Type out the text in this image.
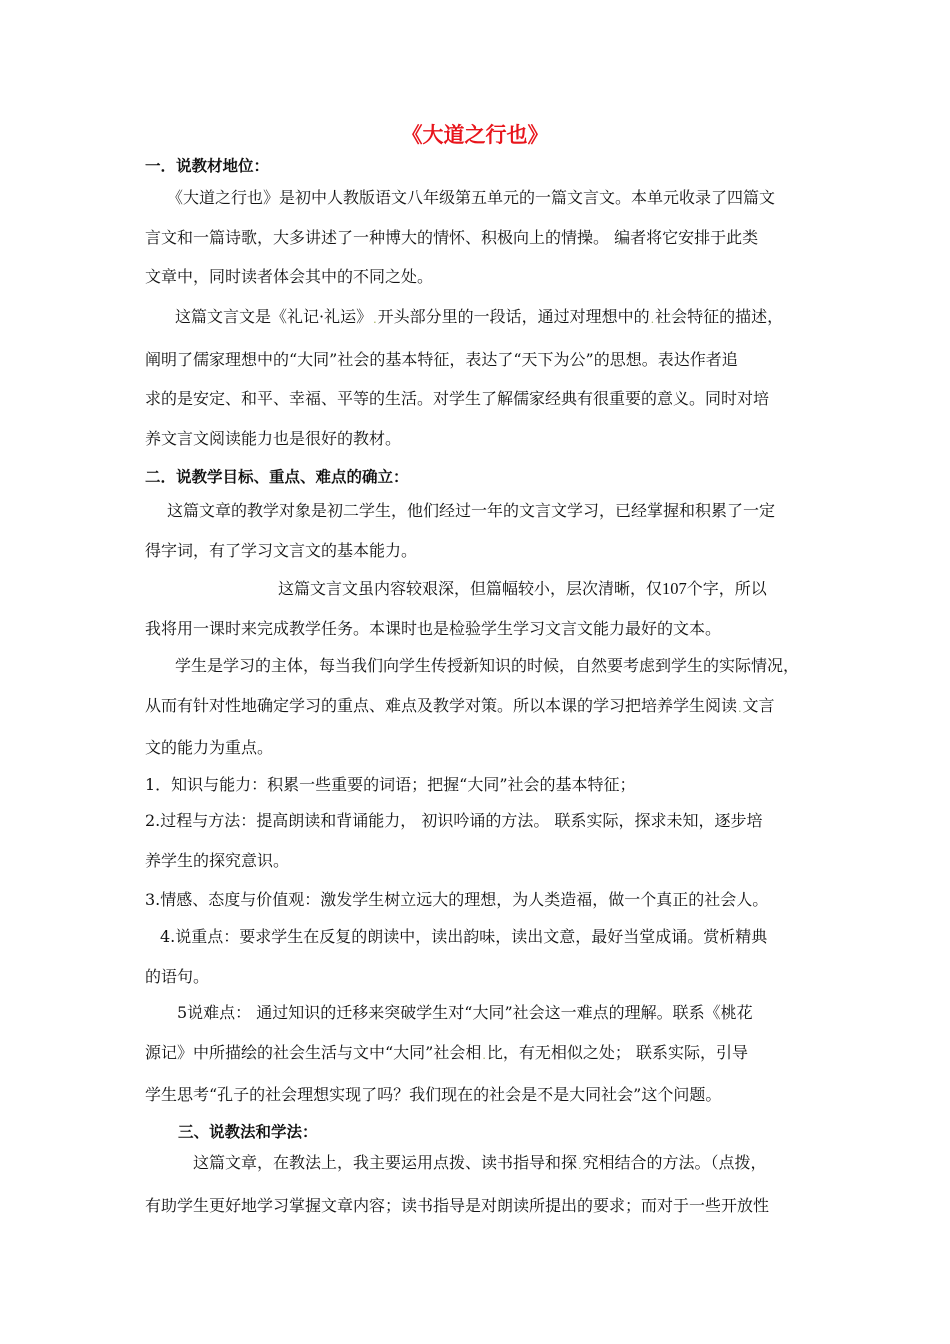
《大道之行也》
一．说教材地位：
《大道之行也》是初中人教版语文八年级第五单元的一篇文言文。本单元收录了四篇文
言文和一篇诗歌，大多讲述了一种博大的情怀、积极向上的情操。 编者将它安排于此类
文章中，同时读者体会其中的不同之处。
这篇文言文是《礼记·礼运》.开头部分里的一段话，通过对理想中的.社会特征的描述，
阐明了儒家理想中的“大同”社会的基本特征，表达了“天下为公”的思想。表达作者追
求的是安定、和平、幸福、平等的生活。对学生了解儒家经典有很重要的意义。同时对培
养文言文阅读能力也是很好的教材。
二．说教学目标、重点、难点的确立：
这篇文章的教学对象是初二学生，他们经过一年的文言文学习，已经掌握和积累了一定
得字词，有了学习文言文的基本能力。
这篇文言文虽内容较艰深，但篇幅较小，层次清晰，仅107个字，所以
我将用一课时来完成教学任务。本课时也是检验学生学习文言文能力最好的文本。
学生是学习的主体，每当我们向学生传授新知识的时候，自然要考虑到学生的实际情况，
从而有针对性地确定学习的重点、难点及教学对策。所以本课的学习把培养学生阅读.文言
文的能力为重点。
1．知识与能力：积累一些重要的词语；把握“大同”社会的基本特征；
2.过程与方法：提高朗读和背诵能力， 初识吟诵的方法。 联系实际，探求未知，逐步培
养学生的探究意识。
3.情感、态度与价值观：激发学生树立远大的理想，为人类造福，做一个真正的社会人。
4.说重点：要求学生在反复的朗读中，读出韵味，读出文意，最好当堂成诵。赏析精典
的语句。
5说难点： 通过知识的迁移来突破学生对“大同”社会这一难点的理解。联系《桃花
源记》中所描绘的社会生活与文中“大同”社会相.比，有无相似之处； 联系实际，引导
学生思考“孔子的社会理想实现了吗？我们现在的社会是不是大同社会”这个问题。
三、说教法和学法：
这篇文章，在教法上，我主要运用点拨、读书指导和探.究相结合的方法。（点拨，
有助学生更好地学习掌握文章内容；读书指导是对朗读所提出的要求；而对于一些开放性
